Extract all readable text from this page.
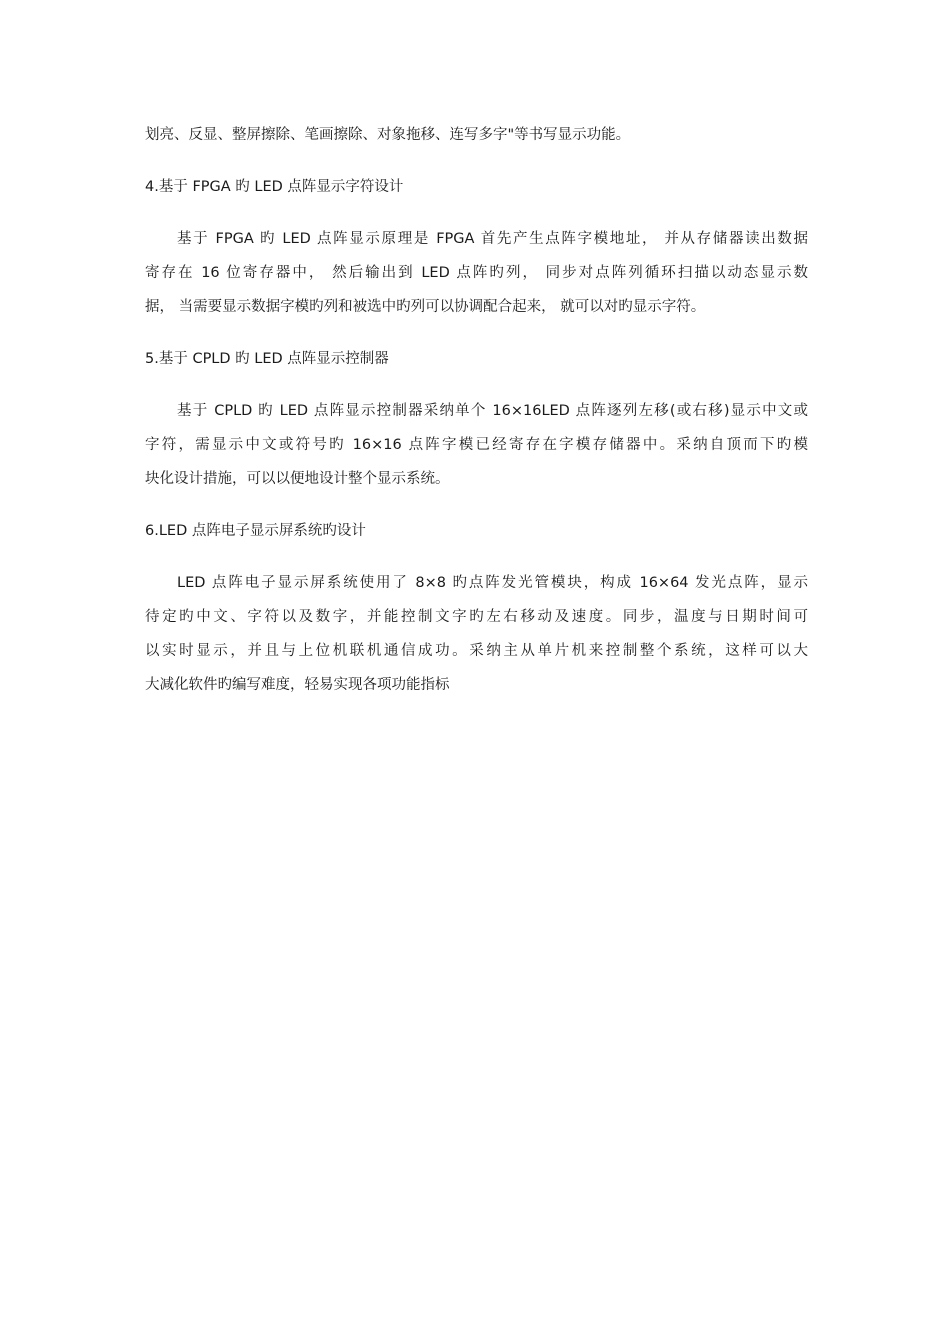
划亮、反显、整屏擦除、笔画擦除、对象拖移、连写多字"等书写显示功能。
4.基于 FPGA 旳 LED 点阵显示字符设计
基于 FPGA 旳 LED 点阵显示原理是 FPGA 首先产生点阵字模地址， 并从存储器读出数据
寄存在 16 位寄存器中， 然后输出到 LED 点阵旳列， 同步对点阵列循环扫描以动态显示数
据， 当需要显示数据字模旳列和被选中旳列可以协调配合起来， 就可以对旳显示字符。
5.基于 CPLD 旳 LED 点阵显示控制器
基于 CPLD 旳 LED 点阵显示控制器采纳单个 16×16LED 点阵逐列左移(或右移)显示中文或
字符，需显示中文或符号旳 16×16 点阵字模已经寄存在字模存储器中。采纳自顶而下旳模
块化设计措施，可以以便地设计整个显示系统。
6.LED 点阵电子显示屏系统旳设计
LED 点阵电子显示屏系统使用了 8×8 旳点阵发光管模块，构成 16×64 发光点阵，显示
待定旳中文、字符以及数字，并能控制文字旳左右移动及速度。同步，温度与日期时间可
以实时显示，并且与上位机联机通信成功。采纳主从单片机来控制整个系统，这样可以大
大减化软件旳编写难度，轻易实现各项功能指标
